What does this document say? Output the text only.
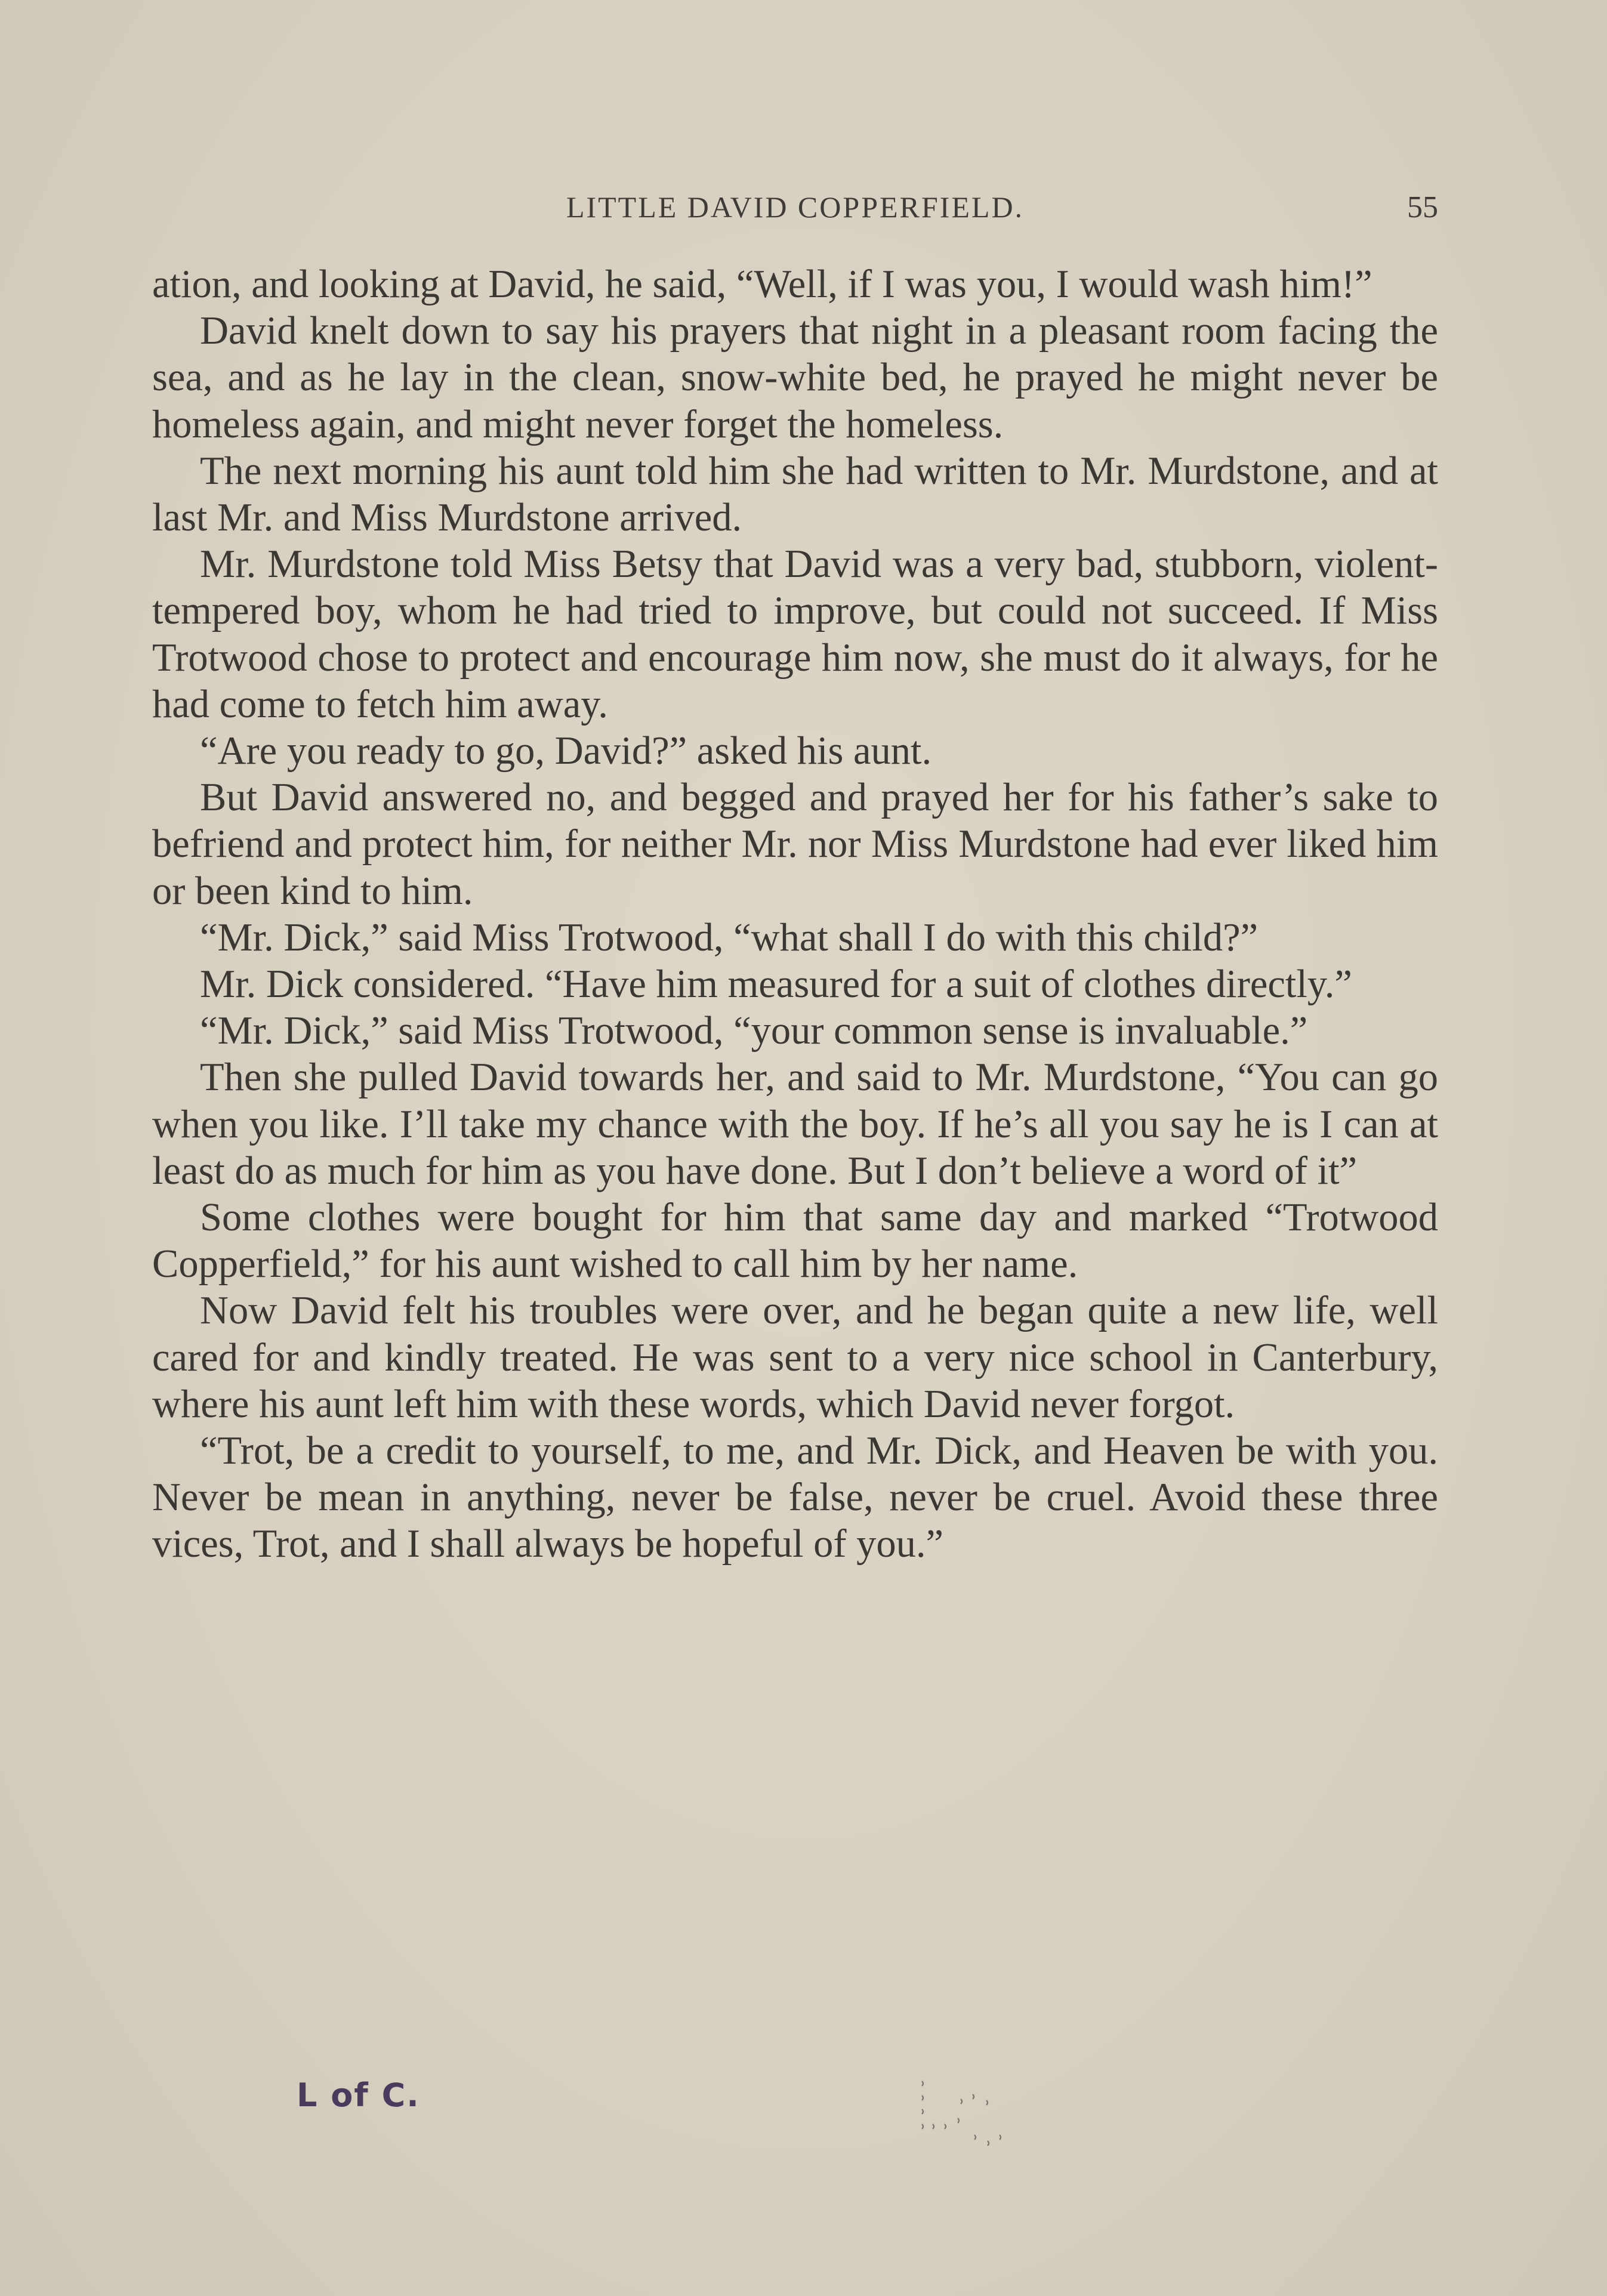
LITTLE DAVID COPPERFIELD.	55

ation, and looking at David, he said, “Well, if I was you, I would wash him!”

David knelt down to say his prayers that night in a pleasant room facing the sea, and as he lay in the clean, snow-white bed, he prayed he might never be homeless again, and might never forget the homeless.

The next morning his aunt told him she had written to Mr. Murdstone, and at last Mr. and Miss Murdstone arrived.

Mr. Murdstone told Miss Betsy that David was a very bad, stubborn, violent-tempered boy, whom he had tried to improve, but could not succeed. If Miss Trotwood chose to protect and encourage him now, she must do it always, for he had come to fetch him away.

“Are you ready to go, David?” asked his aunt.

But David answered no, and begged and prayed her for his father’s sake to befriend and protect him, for neither Mr. nor Miss Murdstone had ever liked him or been kind to him.

“Mr. Dick,” said Miss Trotwood, “what shall I do with this child?”

Mr. Dick considered. “Have him measured for a suit of clothes directly.”

“Mr. Dick,” said Miss Trotwood, “your common sense is invaluable.”

Then she pulled David towards her, and said to Mr. Murdstone, “You can go when you like. I’ll take my chance with the boy. If he’s all you say he is I can at least do as much for him as you have done. But I don’t believe a word of it”

Some clothes were bought for him that same day and marked “Trotwood Copperfield,” for his aunt wished to call him by her name.

Now David felt his troubles were over, and he began quite a new life, well cared for and kindly treated. He was sent to a very nice school in Canterbury, where his aunt left him with these words, which David never forgot.

“Trot, be a credit to yourself, to me, and Mr. Dick, and Heaven be with you. Never be mean in anything, never be false, never be cruel. Avoid these three vices, Trot, and I shall always be hopeful of you.”

L of C.
